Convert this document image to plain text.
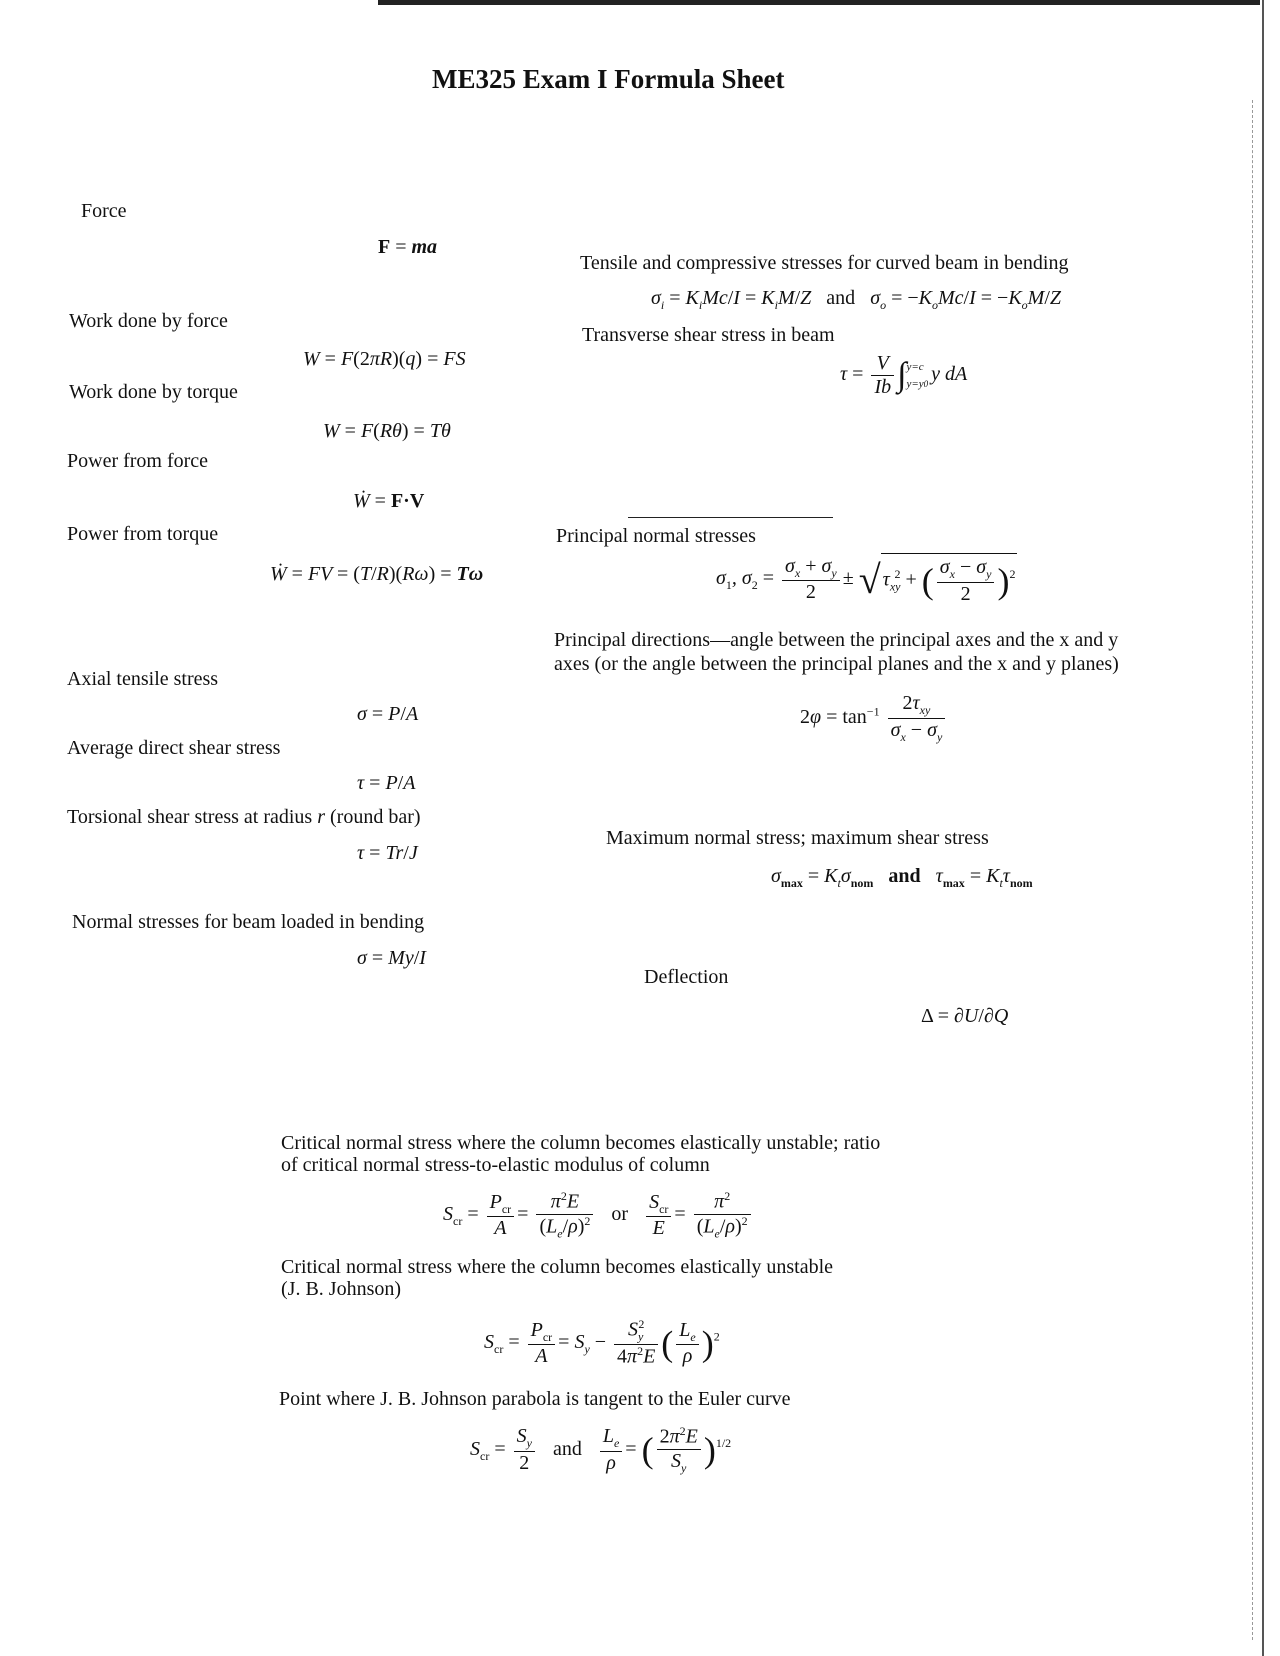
ME325 Exam I Formula Sheet
Force
F = ma
Work done by force
W = F(2πR)(q) = FS
Work done by torque
W = F(Rθ) = Tθ
Power from force
Ẇ = F·V
Power from torque
Ẇ = FV = (T/R)(Rω) = Tω
Axial tensile stress
σ = P/A
Average direct shear stress
τ = P/A
Torsional shear stress at radius r (round bar)
τ = Tr/J
Normal stresses for beam loaded in bending
σ = My/I
Tensile and compressive stresses for curved beam in bending
$\sigma_i = K_iMc/I = K_iM/Z$   and   $\sigma_o = -K_oMc/I = -K_oM/Z$
Transverse shear stress in beam
$\tau = \frac{V}{Ib} \int y=c$
y=y0 y dA
Principal normal stresses
$\sigma_1$, $\sigma_2 = \frac{\sigma_x + \sigma_y}{2}$ ± √ $\tau_{xy}^2$ + ( $\frac{\sigma_x - \sigma_y}{2} )^2$
Principal directions—angle between the principal axes and the x and y
axes (or the angle between the principal planes and the x and y planes)
$2\varphi = \tan^{-1} \frac{2\tau_{xy}}{\sigma_x - \sigma_y}$
Maximum normal stress; maximum shear stress
$\sigma_{max} = K_t\sigma_{nom}$ and   $\tau_{max} = K_t\tau_{nom}$
Deflection
Δ = ∂U/∂Q
Critical normal stress where the column becomes elastically unstable; ratio
of critical normal stress-to-elastic modulus of column
$S_{cr} = \frac{P_{cr}}{A} = \frac{\pi^2E}{(L_e/\rho)^2}$ or $\frac{S_{cr}}{E} = \frac{\pi^2}{(L_e/\rho)^2}$
Critical normal stress where the column becomes elastically unstable
(J. B. Johnson)
$S_{cr} = \frac{P_{cr}}{A} = S_y - \frac{S_y^2}{4\pi^2E}$ ( $\frac{L_e}{\rho} )^2$
Point where J. B. Johnson parabola is tangent to the Euler curve
$S_{cr} = \frac{S_y}{2}$ and $\frac{L_e}{\rho}$ = ( $\frac{2\pi^2E}{S_y} )^{1/2}$
